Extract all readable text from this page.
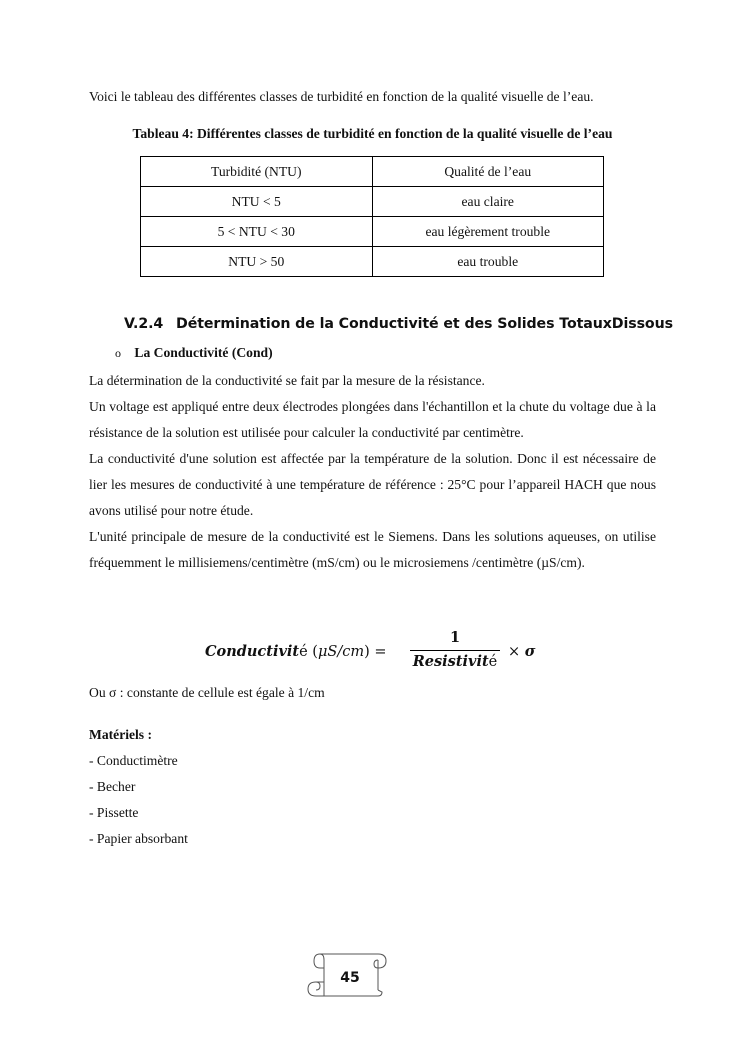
Voici le tableau des différentes classes de turbidité en fonction de la qualité visuelle de l’eau.

Tableau 4: Différentes classes de turbidité en fonction de la qualité visuelle de l’eau
Turbidité (NTU)	Qualité de l’eau
NTU < 5	eau claire
5 < NTU < 30	eau légèrement trouble
NTU > 50	eau trouble
V.2.4 Détermination de la Conductivité et des Solides TotauxDissous
o La Conductivité (Cond)

La détermination de la conductivité se fait par la mesure de la résistance.

Un voltage est appliqué entre deux électrodes plongées dans l'échantillon et la chute du voltage due à la résistance de la solution est utilisée pour calculer la conductivité par centimètre.

La conductivité d'une solution est affectée par la température de la solution. Donc il est nécessaire de lier les mesures de conductivité à une température de référence : 25°C pour l’appareil HACH que nous avons utilisé pour notre étude.

L'unité principale de mesure de la conductivité est le Siemens. Dans les solutions aqueuses, on utilise fréquemment le millisiemens/centimètre (mS/cm) ou le microsiemens /centimètre (µS/cm).

Conductivité (μS/cm) =
1
Resistivité
× σ

Ou σ : constante de cellule est égale à 1/cm

Matériels :
- Conductimètre
- Becher
- Pissette
- Papier absorbant
45
